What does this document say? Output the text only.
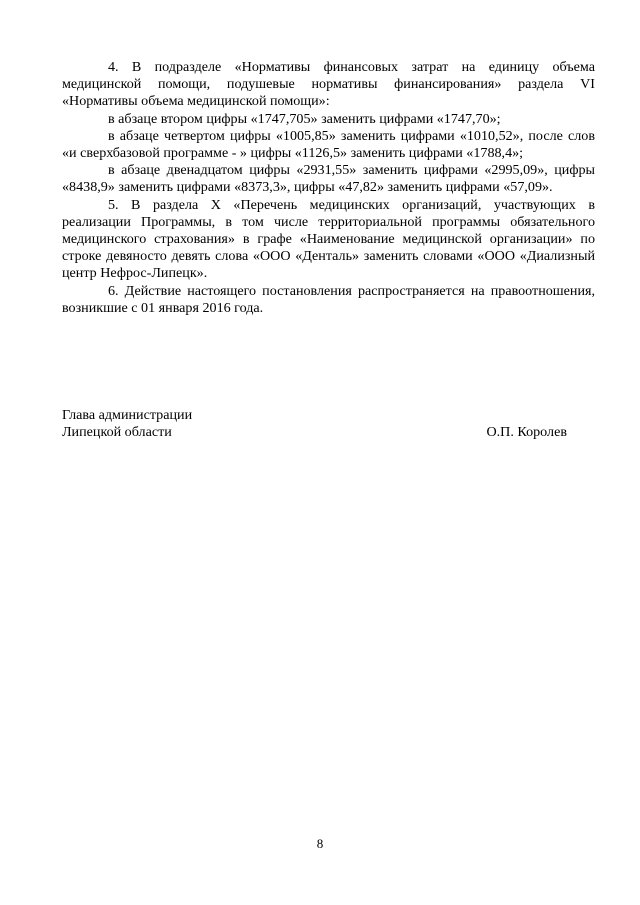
4. В подразделе «Нормативы финансовых затрат на единицу объема медицинской помощи, подушевые нормативы финансирования» раздела VI «Нормативы объема медицинской помощи»:

в абзаце втором цифры «1747,705» заменить цифрами «1747,70»;

в абзаце четвертом цифры «1005,85» заменить цифрами «1010,52», после слов «и сверхбазовой программе - » цифры «1126,5» заменить цифрами «1788,4»;

в абзаце двенадцатом цифры «2931,55» заменить цифрами «2995,09», цифры «8438,9» заменить цифрами «8373,3», цифры «47,82» заменить цифрами «57,09».

5. В раздела X «Перечень медицинских организаций, участвующих в реализации Программы, в том числе территориальной программы обязательного медицинского страхования» в графе «Наименование медицинской организации» по строке девяносто девять слова «ООО «Денталь» заменить словами «ООО «Диализный центр Нефрос-Липецк».

6. Действие настоящего постановления распространяется на правоотношения, возникшие с 01 января 2016 года.

Глава администрации
Липецкой области	О.П. Королев
8
